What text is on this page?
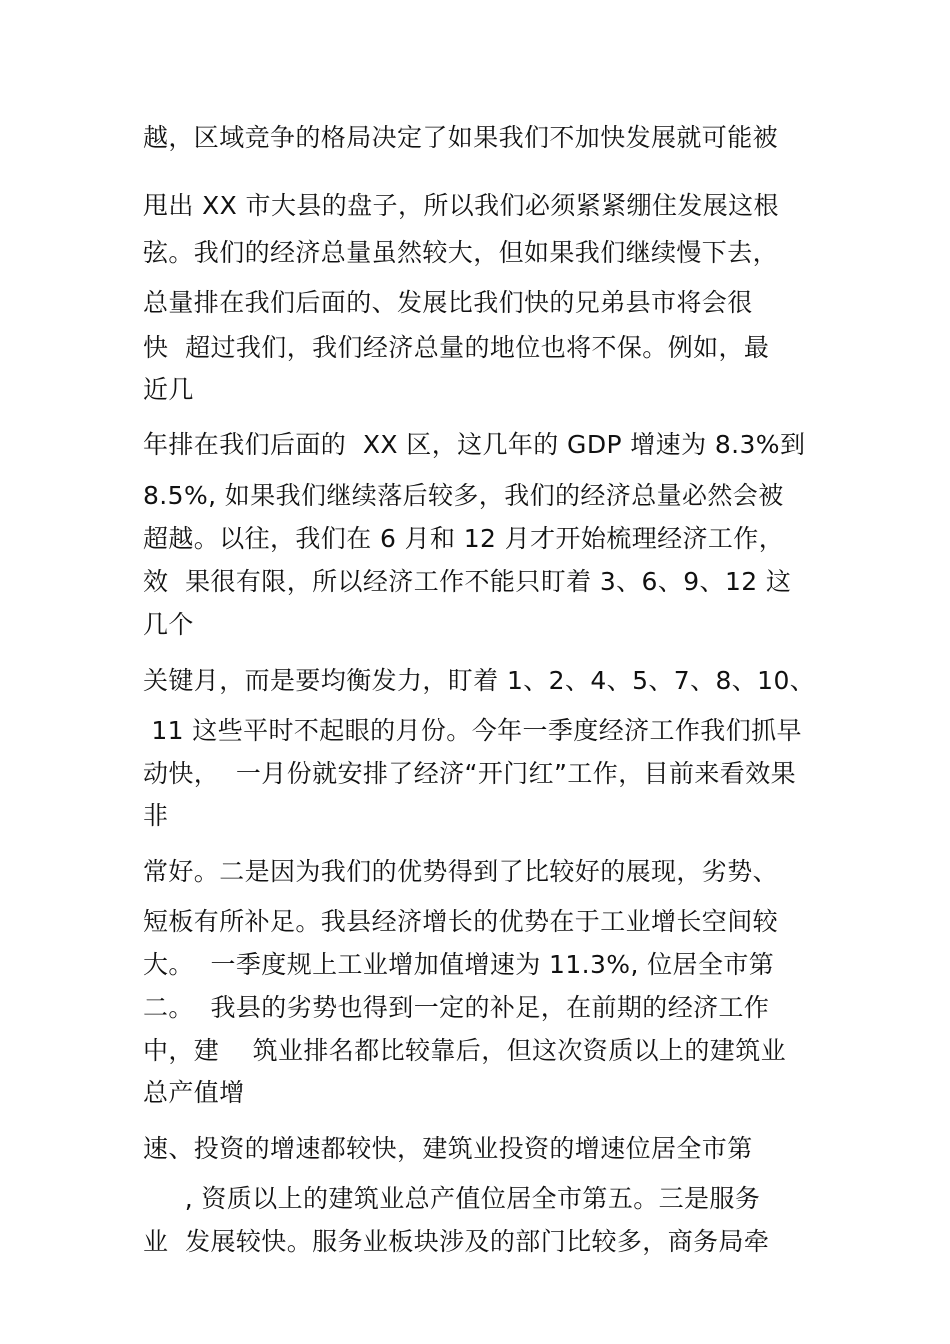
越，区域竞争的格局决定了如果我们不加快发展就可能被
甩出 XX 市大县的盘子，所以我们必须紧紧绷住发展这根
弦。我们的经济总量虽然较大，但如果我们继续慢下去，
总量排在我们后面的、发展比我们快的兄弟县市将会很
快  超过我们，我们经济总量的地位也将不保。例如，最
近几
年排在我们后面的  XX 区，这几年的 GDP 增速为 8.3%到
8.5%, 如果我们继续落后较多，我们的经济总量必然会被
超越。以往，我们在 6 月和 12 月才开始梳理经济工作，
效  果很有限，所以经济工作不能只盯着 3、6、9、12 这
几个
关键月，而是要均衡发力，盯着 1、2、4、5、7、8、10、
11 这些平时不起眼的月份。今年一季度经济工作我们抓早
动快，  一月份就安排了经济“开门红”工作，目前来看效果
非
常好。二是因为我们的优势得到了比较好的展现，劣势、
短板有所补足。我县经济增长的优势在于工业增长空间较
大。  一季度规上工业增加值增速为 11.3%, 位居全市第
二。  我县的劣势也得到一定的补足，在前期的经济工作
中，建    筑业排名都比较靠后，但这次资质以上的建筑业
总产值增
速、投资的增速都较快，建筑业投资的增速位居全市第
, 资质以上的建筑业总产值位居全市第五。三是服务
业  发展较快。服务业板块涉及的部门比较多，商务局牵
